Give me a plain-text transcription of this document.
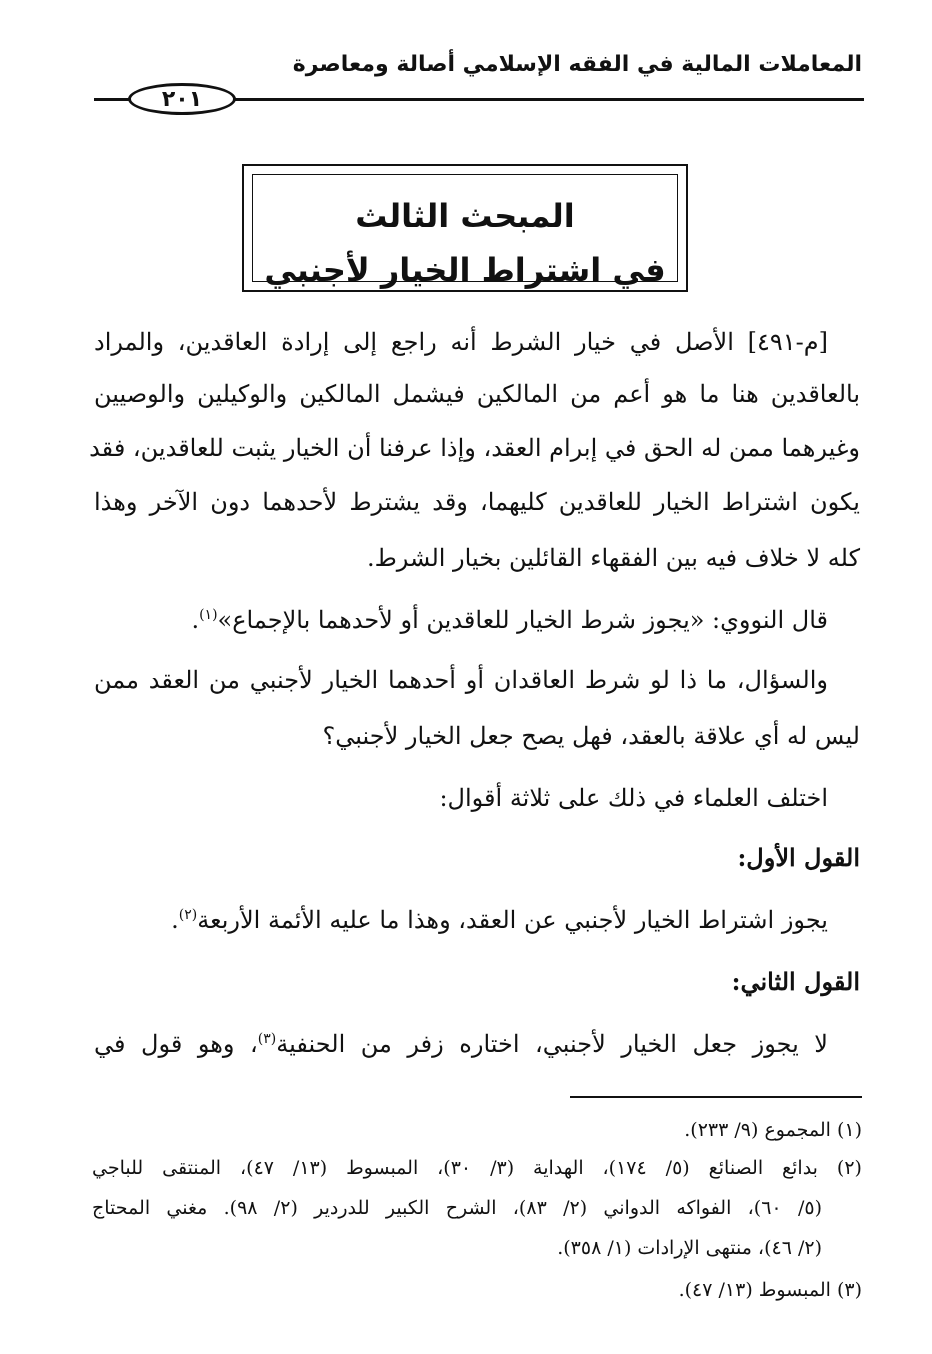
المعاملات المالية في الفقه الإسلامي أصالة ومعاصرة
٢٠١
المبحث الثالث
في اشتراط الخيار لأجنبي
[م-٤٩١] الأصل في خيار الشرط أنه راجع إلى إرادة العاقدين، والمراد
بالعاقدين هنا ما هو أعم من المالكين فيشمل المالكين والوكيلين والوصيين
وغيرهما ممن له الحق في إبرام العقد، وإذا عرفنا أن الخيار يثبت للعاقدين، فقد
يكون اشتراط الخيار للعاقدين كليهما، وقد يشترط لأحدهما دون الآخر وهذا
كله لا خلاف فيه بين الفقهاء القائلين بخيار الشرط.
قال النووي: «يجوز شرط الخيار للعاقدين أو لأحدهما بالإجماع»$^{(١)}$.
والسؤال، ما ذا لو شرط العاقدان أو أحدهما الخيار لأجنبي من العقد ممن
ليس له أي علاقة بالعقد، فهل يصح جعل الخيار لأجنبي؟
اختلف العلماء في ذلك على ثلاثة أقوال:
القول الأول:
يجوز اشتراط الخيار لأجنبي عن العقد، وهذا ما عليه الأئمة الأربعة$^{(٢)}$.
القول الثاني:
لا يجوز جعل الخيار لأجنبي، اختاره زفر من الحنفية$^{(٣)}$، وهو قول في
(١) المجموع (٩/ ٢٣٣).
(٢) بدائع الصنائع (٥/ ١٧٤)، الهداية (٣/ ٣٠)، المبسوط (١٣/ ٤٧)، المنتقى للباجي
(٥/ ٦٠)، الفواكه الدواني (٢/ ٨٣)، الشرح الكبير للدردير (٢/ ٩٨). مغني المحتاج
(٢/ ٤٦)، منتهى الإرادات (١/ ٣٥٨).
(٣) المبسوط (١٣/ ٤٧).
